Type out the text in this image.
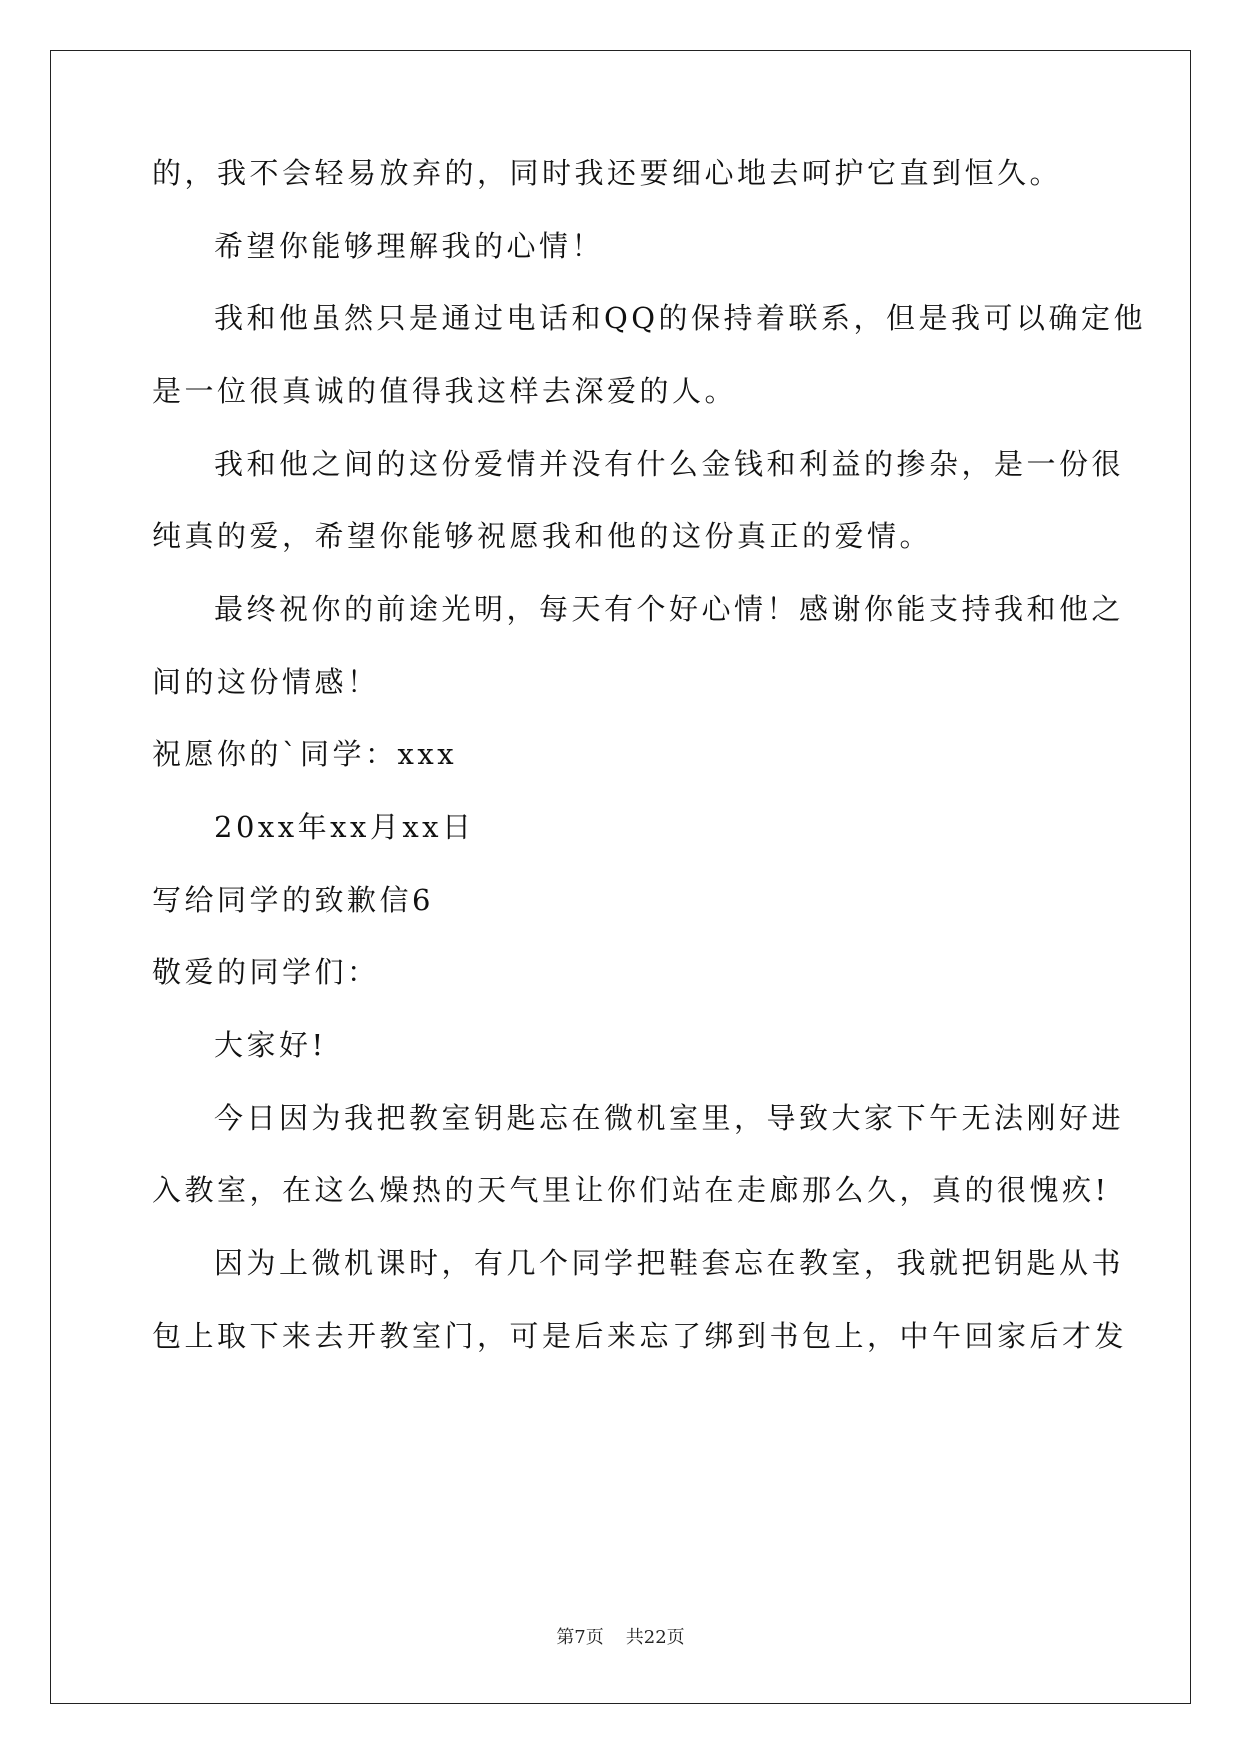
的，我不会轻易放弃的，同时我还要细心地去呵护它直到恒久。
希望你能够理解我的心情！
我和他虽然只是通过电话和QQ的保持着联系，但是我可以确定他
是一位很真诚的值得我这样去深爱的人。
我和他之间的这份爱情并没有什么金钱和利益的掺杂，是一份很
纯真的爱，希望你能够祝愿我和他的这份真正的爱情。
最终祝你的前途光明，每天有个好心情！感谢你能支持我和他之
间的这份情感！
祝愿你的`同学：xxx
20xx年xx月xx日
写给同学的致歉信6
敬爱的同学们：
大家好!
今日因为我把教室钥匙忘在微机室里，导致大家下午无法刚好进
入教室，在这么燥热的天气里让你们站在走廊那么久，真的很愧疚!
因为上微机课时，有几个同学把鞋套忘在教室，我就把钥匙从书
包上取下来去开教室门，可是后来忘了绑到书包上，中午回家后才发
第7页 共22页
